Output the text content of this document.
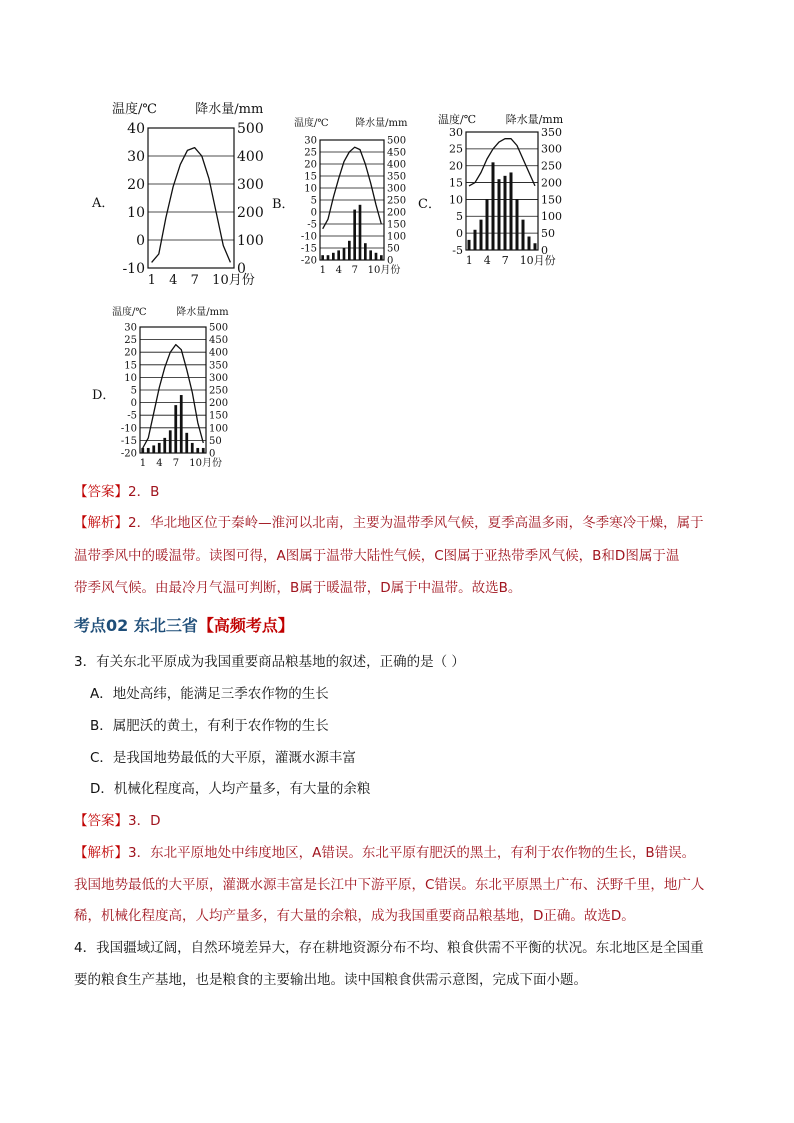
A．
温度/℃	降水量/mm
40	500
30	400
20	300
10	200
0	100
-10	0
1 4 7 10月份
B．
温度/℃	降水量/mm
30	500
25	450
20	400
15	350
10	300
5	250
0	200
-5	150
-10	100
-15	50
-20	0
1 4 7 10月份
C．
温度/℃	降水量/mm
30	350
25	300
20	250
15	200
10	150
5	100
0	50
-5	0
1 4 7 10月份
D．
温度/℃	降水量/mm
30	500
25	450
20	400
15	350
10	300
5	250
0	200
-5	150
-10	100
-15	50
-20	0
1 4 7 10月份
【答案】2．B
【解析】2．华北地区位于秦岭—淮河以北南，主要为温带季风气候，夏季高温多雨，冬季寒冷干燥，属于
温带季风中的暖温带。读图可得，A图属于温带大陆性气候，C图属于亚热带季风气候，B和D图属于温
带季风气候。由最冷月气温可判断，B属于暖温带，D属于中温带。故选B。
考点02 东北三省【高频考点】
3．有关东北平原成为我国重要商品粮基地的叙述，正确的是（ ）
A．地处高纬，能满足三季农作物的生长
B．属肥沃的黄土，有利于农作物的生长
C．是我国地势最低的大平原，灌溉水源丰富
D．机械化程度高，人均产量多，有大量的余粮
【答案】3．D
【解析】3．东北平原地处中纬度地区，A错误。东北平原有肥沃的黑土，有利于农作物的生长，B错误。
我国地势最低的大平原，灌溉水源丰富是长江中下游平原，C错误。东北平原黑土广布、沃野千里，地广人
稀，机械化程度高，人均产量多，有大量的余粮，成为我国重要商品粮基地，D正确。故选D。
4．我国疆域辽阔，自然环境差异大，存在耕地资源分布不均、粮食供需不平衡的状况。东北地区是全国重
要的粮食生产基地，也是粮食的主要输出地。读中国粮食供需示意图，完成下面小题。
